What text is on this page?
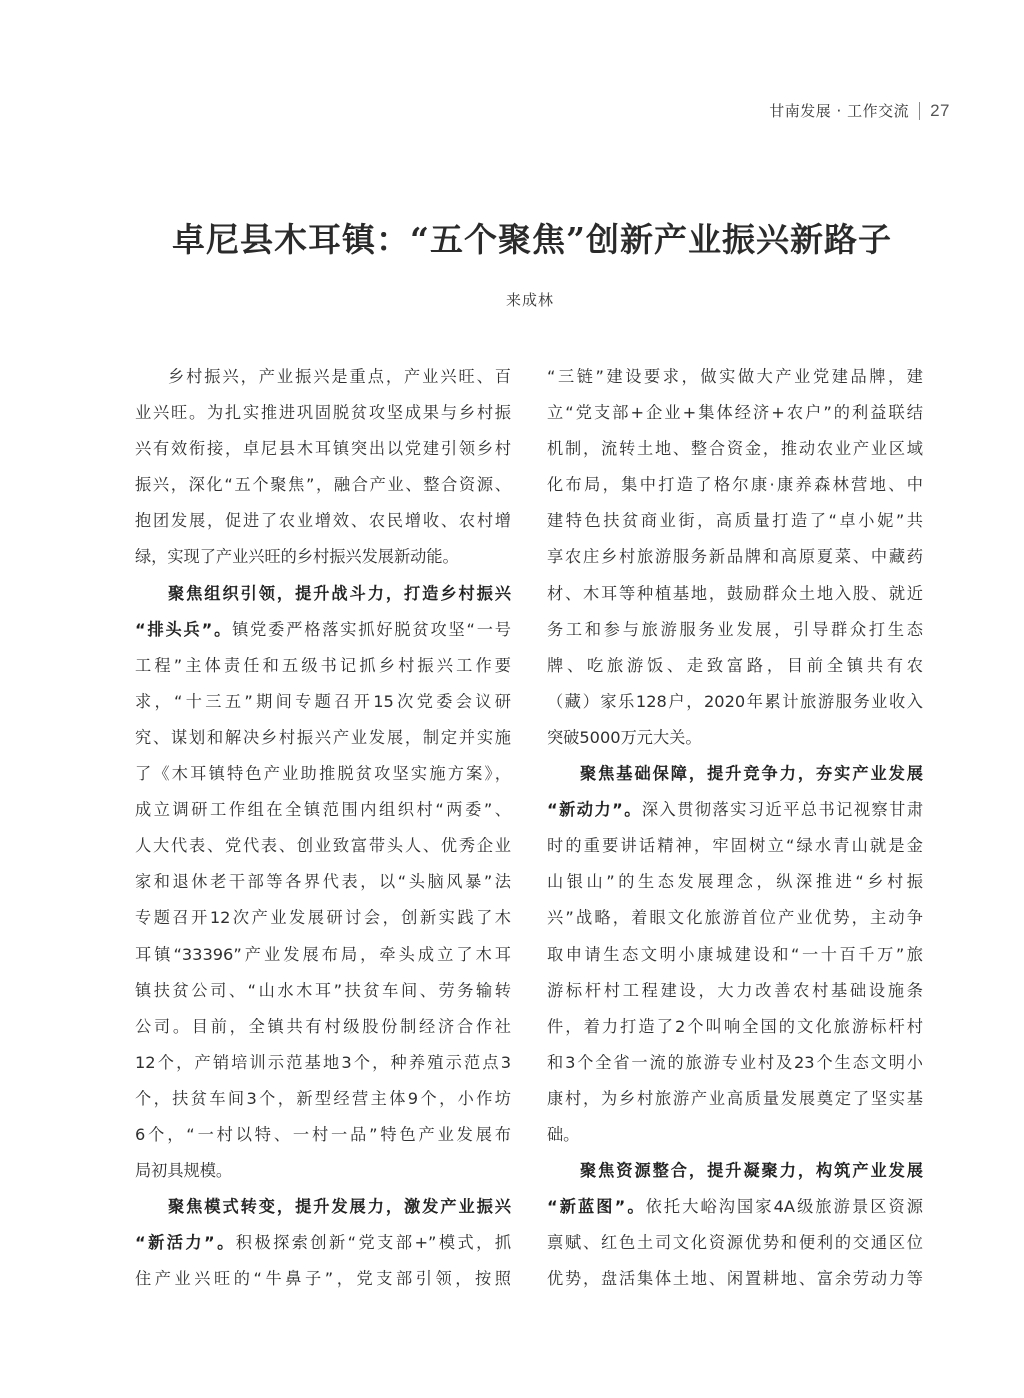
甘南发展 · 工作交流 27
卓尼县木耳镇：“五个聚焦”创新产业振兴新路子

来成林

乡村振兴，产业振兴是重点，产业兴旺、百
业兴旺。为扎实推进巩固脱贫攻坚成果与乡村振
兴有效衔接，卓尼县木耳镇突出以党建引领乡村
振兴，深化“五个聚焦”，融合产业、整合资源、
抱团发展，促进了农业增效、农民增收、农村增
绿，实现了产业兴旺的乡村振兴发展新动能。
聚焦组织引领，提升战斗力，打造乡村振兴
“排头兵”。镇党委严格落实抓好脱贫攻坚“一号
工程”主体责任和五级书记抓乡村振兴工作要
求，“十三五”期间专题召开15次党委会议研
究、谋划和解决乡村振兴产业发展，制定并实施
了《木耳镇特色产业助推脱贫攻坚实施方案》，
成立调研工作组在全镇范围内组织村“两委”、
人大代表、党代表、创业致富带头人、优秀企业
家和退休老干部等各界代表，以“头脑风暴”法
专题召开12次产业发展研讨会，创新实践了木
耳镇“33396”产业发展布局，牵头成立了木耳
镇扶贫公司、“山水木耳”扶贫车间、劳务输转
公司。目前，全镇共有村级股份制经济合作社
12个，产销培训示范基地3个，种养殖示范点3
个，扶贫车间3个，新型经营主体9个，小作坊
6个，“一村以特、一村一品”特色产业发展布
局初具规模。
聚焦模式转变，提升发展力，激发产业振兴
“新活力”。积极探索创新“党支部+”模式，抓
住产业兴旺的“牛鼻子”，党支部引领，按照
“三链”建设要求，做实做大产业党建品牌，建
立“党支部+企业+集体经济+农户”的利益联结
机制，流转土地、整合资金，推动农业产业区域
化布局，集中打造了格尔康·康养森林营地、中
建特色扶贫商业街，高质量打造了“卓小妮”共
享农庄乡村旅游服务新品牌和高原夏菜、中藏药
材、木耳等种植基地，鼓励群众土地入股、就近
务工和参与旅游服务业发展，引导群众打生态
牌、吃旅游饭、走致富路，目前全镇共有农
（藏）家乐128户，2020年累计旅游服务业收入
突破5000万元大关。
聚焦基础保障，提升竞争力，夯实产业发展
“新动力”。深入贯彻落实习近平总书记视察甘肃
时的重要讲话精神，牢固树立“绿水青山就是金
山银山”的生态发展理念，纵深推进“乡村振
兴”战略，着眼文化旅游首位产业优势，主动争
取申请生态文明小康城建设和“一十百千万”旅
游标杆村工程建设，大力改善农村基础设施条
件，着力打造了2个叫响全国的文化旅游标杆村
和3个全省一流的旅游专业村及23个生态文明小
康村，为乡村旅游产业高质量发展奠定了坚实基
础。
聚焦资源整合，提升凝聚力，构筑产业发展
“新蓝图”。依托大峪沟国家4A级旅游景区资源
禀赋、红色土司文化资源优势和便利的交通区位
优势，盘活集体土地、闲置耕地、富余劳动力等
